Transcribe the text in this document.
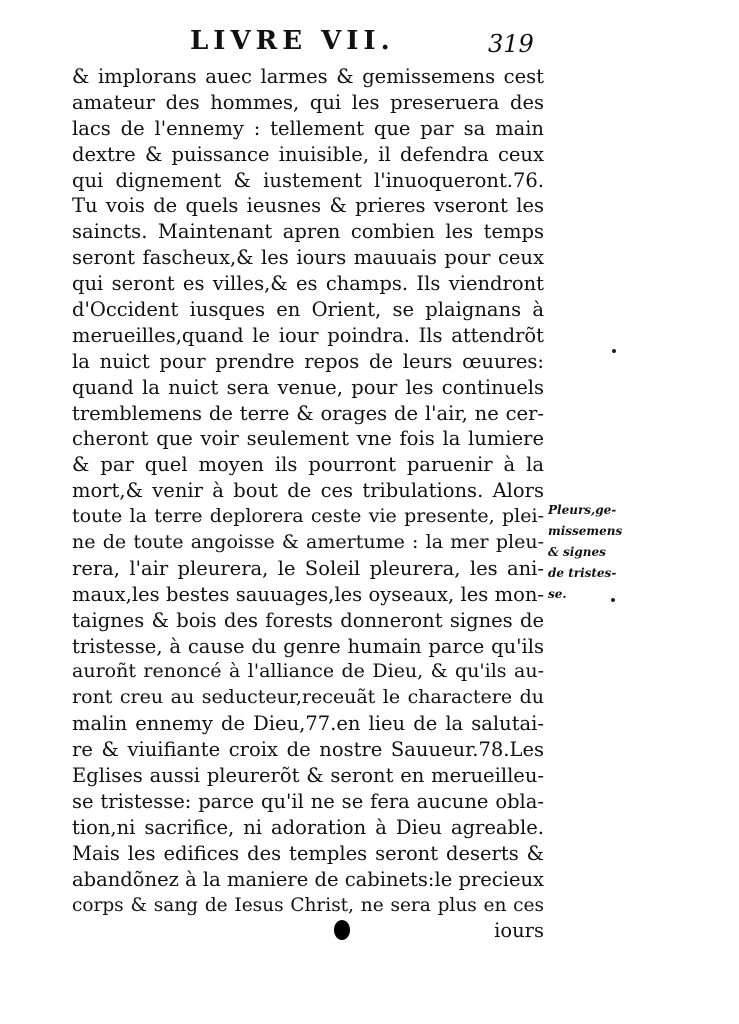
LIVRE VII.	319
& implorans auec larmes & gemissemens cest
amateur des hommes, qui les preseruera des
lacs de l'ennemy : tellement que par sa main
dextre & puissance inuisible, il defendra ceux
qui dignement & iustement l'inuoqueront.76.
Tu vois de quels ieusnes & prieres vseront les
saincts. Maintenant apren combien les temps
seront fascheux,& les iours mauuais pour ceux
qui seront es villes,& es champs. Ils viendront
d'Occident iusques en Orient, se plaignans à
merueilles,quand le iour poindra. Ils attendrõt
la nuict pour prendre repos de leurs œuures:
quand la nuict sera venue, pour les continuels
tremblemens de terre & orages de l'air, ne cer-
cheront que voir seulement vne fois la lumiere
& par quel moyen ils pourront paruenir à la
mort,& venir à bout de ces tribulations. Alors
toute la terre deplorera ceste vie presente, plei-
ne de toute angoisse & amertume : la mer pleu-
rera, l'air pleurera, le Soleil pleurera, les ani-
maux,les bestes sauuages,les oyseaux, les mon-
taignes & bois des forests donneront signes de
tristesse, à cause du genre humain parce qu'ils
auroñt renoncé à l'alliance de Dieu, & qu'ils au-
ront creu au seducteur,receuãt le charactere du
malin ennemy de Dieu,77.en lieu de la salutai-
re & viuifiante croix de nostre Sauueur.78.Les
Eglises aussi pleurerõt & seront en merueilleu-
se tristesse: parce qu'il ne se fera aucune obla-
tion,ni sacrifice, ni adoration à Dieu agreable.
Mais les edifices des temples seront deserts &
abandõnez à la maniere de cabinets:le precieux
corps & sang de Iesus Christ, ne sera plus en ces
iours
Pleurs,ge-
missemens
& signes
de tristes-
se.
